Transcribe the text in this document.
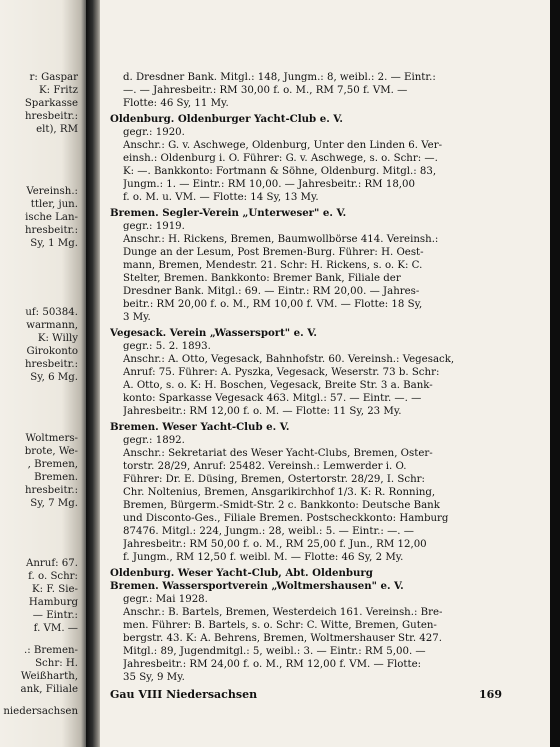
r: Gaspar
K: Fritz
Sparkasse
hresbeitr.:
elt), RM
Vereinsh.:
ttler, jun.
ische Lan-
hresbeitr.:
Sy, 1 Mg.
uf: 50384.
warmann,
K: Willy
Girokonto
hresbeitr.:
Sy, 6 Mg.
Woltmers-
brote, We-
, Bremen,
Bremen.
hresbeitr.:
Sy, 7 Mg.
Anruf: 67.
f. o. Schr:
K: F. Sie-
Hamburg
— Eintr.:
f. VM. —
.: Bremen-
Schr: H.
Weißharth,
ank, Filiale
niedersachsen
d. Dresdner Bank. Mitgl.: 148, Jungm.: 8, weibl.: 2. — Eintr.:
—. — Jahresbeitr.: RM 30,00 f. o. M., RM 7,50 f. VM. —
Flotte: 46 Sy, 11 My.
Oldenburg. Oldenburger Yacht-Club e. V.
gegr.: 1920.
Anschr.: G. v. Aschwege, Oldenburg, Unter den Linden 6. Ver-
einsh.: Oldenburg i. O. Führer: G. v. Aschwege, s. o. Schr: —.
K: —. Bankkonto: Fortmann & Söhne, Oldenburg. Mitgl.: 83,
Jungm.: 1. — Eintr.: RM 10,00. — Jahresbeitr.: RM 18,00
f. o. M. u. VM. — Flotte: 14 Sy, 13 My.
Bremen. Segler-Verein „Unterweser" e. V.
gegr.: 1919.
Anschr.: H. Rickens, Bremen, Baumwollbörse 414. Vereinsh.:
Dunge an der Lesum, Post Bremen-Burg. Führer: H. Oest-
mann, Bremen, Mendestr. 21. Schr: H. Rickens, s. o. K: C.
Stelter, Bremen. Bankkonto: Bremer Bank, Filiale der
Dresdner Bank. Mitgl.: 69. — Eintr.: RM 20,00. — Jahres-
beitr.: RM 20,00 f. o. M., RM 10,00 f. VM. — Flotte: 18 Sy,
3 My.
Vegesack. Verein „Wassersport" e. V.
gegr.: 5. 2. 1893.
Anschr.: A. Otto, Vegesack, Bahnhofstr. 60. Vereinsh.: Vegesack,
Anruf: 75. Führer: A. Pyszka, Vegesack, Weserstr. 73 b. Schr:
A. Otto, s. o. K: H. Boschen, Vegesack, Breite Str. 3 a. Bank-
konto: Sparkasse Vegesack 463. Mitgl.: 57. — Eintr. —. —
Jahresbeitr.: RM 12,00 f. o. M. — Flotte: 11 Sy, 23 My.
Bremen. Weser Yacht-Club e. V.
gegr.: 1892.
Anschr.: Sekretariat des Weser Yacht-Clubs, Bremen, Oster-
torstr. 28/29, Anruf: 25482. Vereinsh.: Lemwerder i. O.
Führer: Dr. E. Düsing, Bremen, Ostertorstr. 28/29, I. Schr:
Chr. Noltenius, Bremen, Ansgarikirchhof 1/3. K: R. Ronning,
Bremen, Bürgerm.-Smidt-Str. 2 c. Bankkonto: Deutsche Bank
und Disconto-Ges., Filiale Bremen. Postscheckkonto: Hamburg
87476. Mitgl.: 224, Jungm.: 28, weibl.: 5. — Eintr.: —. —
Jahresbeitr.: RM 50,00 f. o. M., RM 25,00 f. Jun., RM 12,00
f. Jungm., RM 12,50 f. weibl. M. — Flotte: 46 Sy, 2 My.
Oldenburg. Weser Yacht-Club, Abt. Oldenburg
Bremen. Wassersportverein „Woltmershausen" e. V.
gegr.: Mai 1928.
Anschr.: B. Bartels, Bremen, Westerdeich 161. Vereinsh.: Bre-
men. Führer: B. Bartels, s. o. Schr: C. Witte, Bremen, Guten-
bergstr. 43. K: A. Behrens, Bremen, Woltmershauser Str. 427.
Mitgl.: 89, Jugendmitgl.: 5, weibl.: 3. — Eintr.: RM 5,00. —
Jahresbeitr.: RM 24,00 f. o. M., RM 12,00 f. VM. — Flotte:
35 Sy, 9 My.
Gau VIII Niedersachsen	169
